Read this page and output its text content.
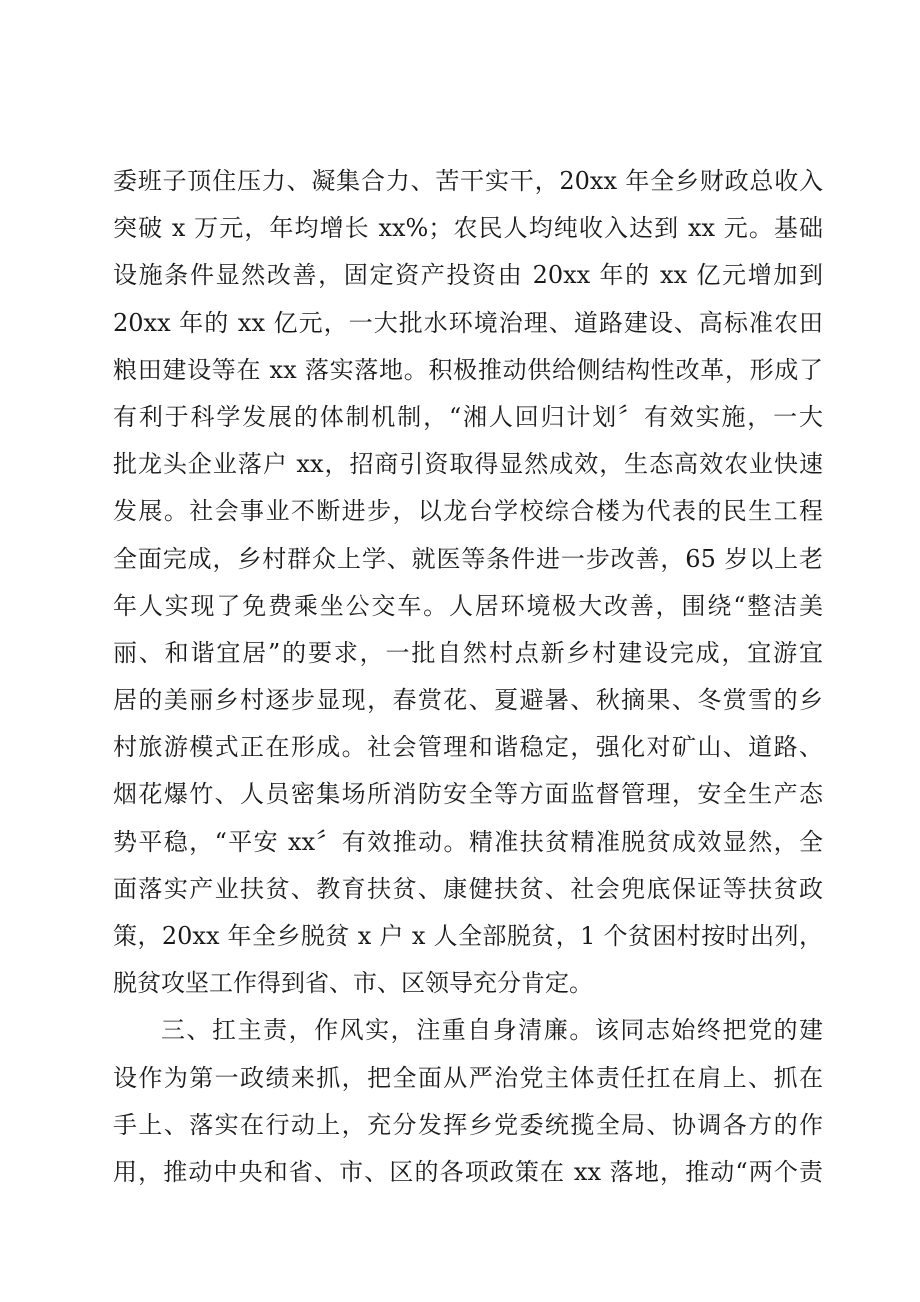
委班子顶住压力、凝集合力、苦干实干，20xx 年全乡财政总收入
突破 x 万元，年均增长 xx%；农民人均纯收入达到 xx 元。基础
设施条件显然改善，固定资产投资由 20xx 年的 xx 亿元增加到
20xx 年的 xx 亿元，一大批水环境治理、道路建设、高标准农田
粮田建设等在 xx 落实落地。积极推动供给侧结构性改革，形成了
有利于科学发展的体制机制，“湘人回归计划〞有效实施，一大
批龙头企业落户 xx，招商引资取得显然成效，生态高效农业快速
发展。社会事业不断进步，以龙台学校综合楼为代表的民生工程
全面完成，乡村群众上学、就医等条件进一步改善，65 岁以上老
年人实现了免费乘坐公交车。人居环境极大改善，围绕“整洁美
丽、和谐宜居”的要求，一批自然村点新乡村建设完成，宜游宜
居的美丽乡村逐步显现，春赏花、夏避暑、秋摘果、冬赏雪的乡
村旅游模式正在形成。社会管理和谐稳定，强化对矿山、道路、
烟花爆竹、人员密集场所消防安全等方面监督管理，安全生产态
势平稳，“平安 xx〞有效推动。精准扶贫精准脱贫成效显然，全
面落实产业扶贫、教育扶贫、康健扶贫、社会兜底保证等扶贫政
策，20xx 年全乡脱贫 x 户 x 人全部脱贫，1 个贫困村按时出列，
脱贫攻坚工作得到省、市、区领导充分肯定。
三、扛主责，作风实，注重自身清廉。该同志始终把党的建
设作为第一政绩来抓，把全面从严治党主体责任扛在肩上、抓在
手上、落实在行动上，充分发挥乡党委统揽全局、协调各方的作
用，推动中央和省、市、区的各项政策在 xx 落地，推动“两个责
